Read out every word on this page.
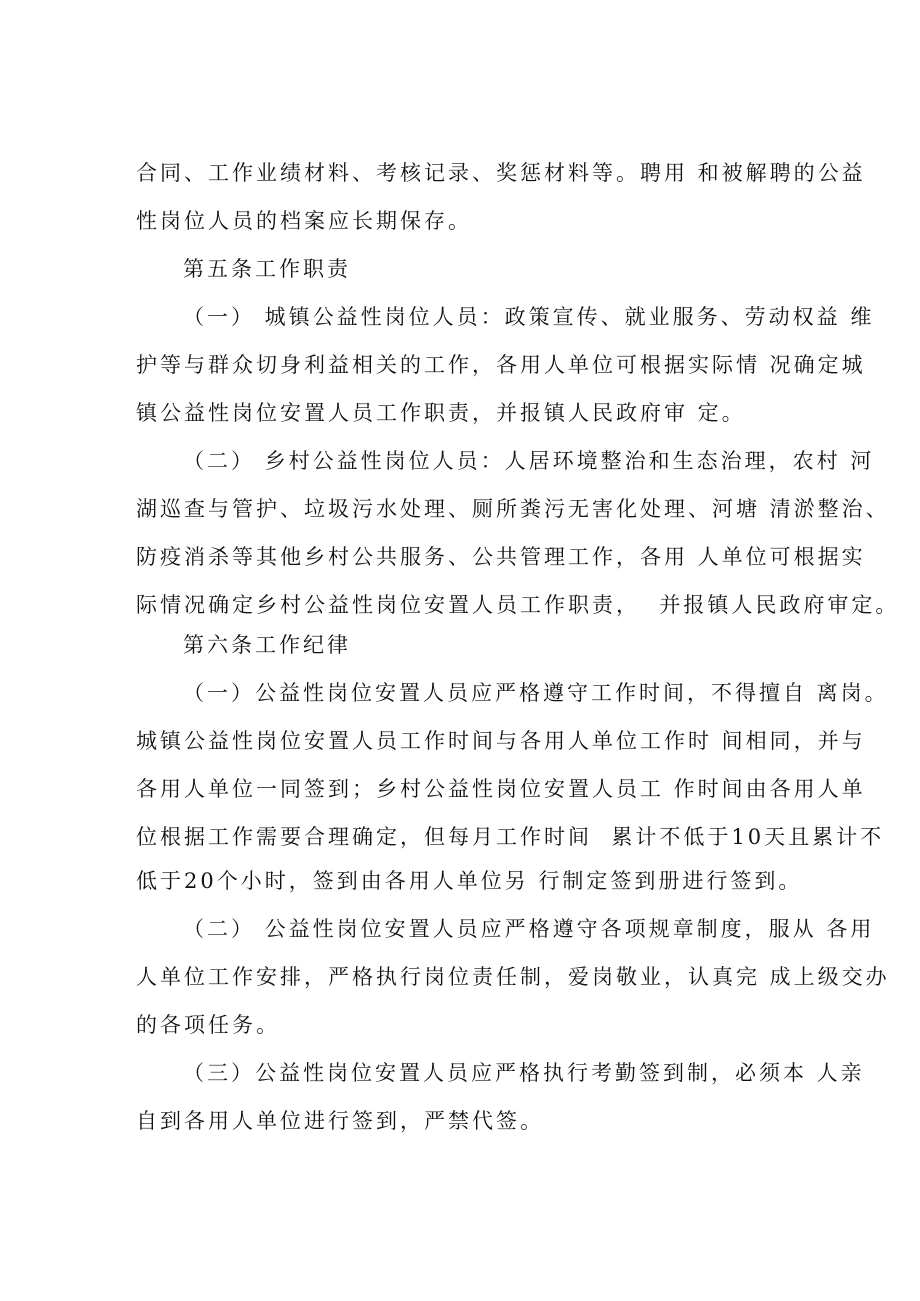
合同、工作业绩材料、考核记录、奖惩材料等。聘用 和被解聘的公益
性岗位人员的档案应长期保存。
第五条工作职责
（一） 城镇公益性岗位人员：政策宣传、就业服务、劳动权益 维
护等与群众切身利益相关的工作，各用人单位可根据实际情 况确定城
镇公益性岗位安置人员工作职责，并报镇人民政府审 定。
（二） 乡村公益性岗位人员：人居环境整治和生态治理，农村 河
湖巡查与管护、垃圾污水处理、厕所粪污无害化处理、河塘 清淤整治、
防疫消杀等其他乡村公共服务、公共管理工作，各用 人单位可根据实
际情况确定乡村公益性岗位安置人员工作职责，  并报镇人民政府审定。
第六条工作纪律
（一）公益性岗位安置人员应严格遵守工作时间，不得擅自 离岗。
城镇公益性岗位安置人员工作时间与各用人单位工作时 间相同，并与
各用人单位一同签到；乡村公益性岗位安置人员工 作时间由各用人单
位根据工作需要合理确定，但每月工作时间  累计不低于10天且累计不
低于20个小时，签到由各用人单位另 行制定签到册进行签到。
（二） 公益性岗位安置人员应严格遵守各项规章制度，服从 各用
人单位工作安排，严格执行岗位责任制，爱岗敬业，认真完 成上级交办
的各项任务。
（三）公益性岗位安置人员应严格执行考勤签到制，必须本 人亲
自到各用人单位进行签到，严禁代签。
